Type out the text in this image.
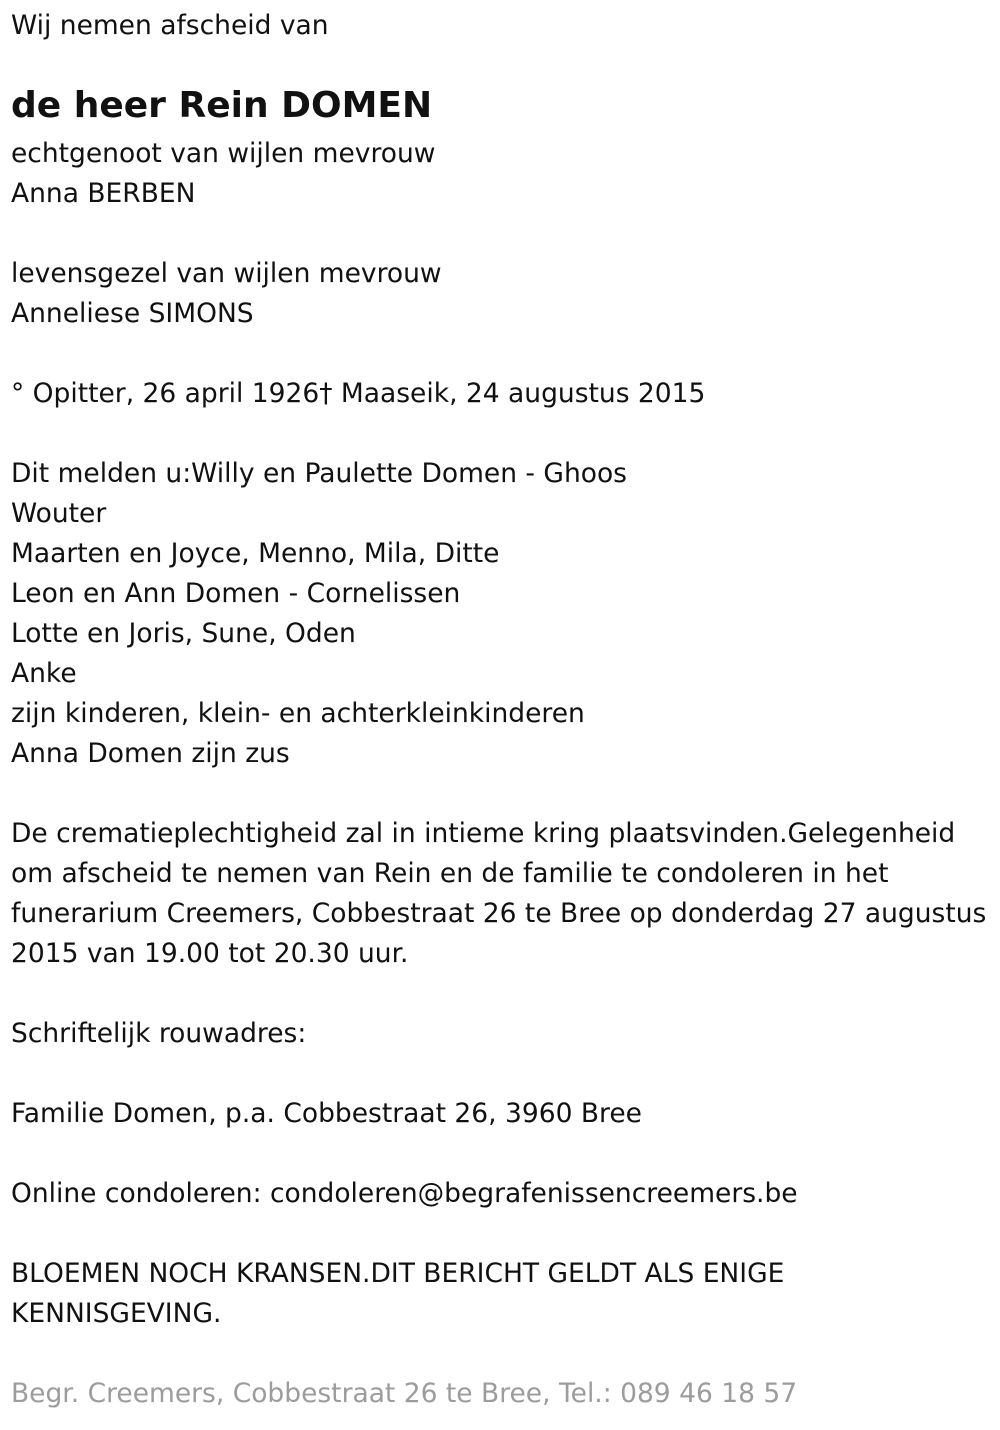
Wij nemen afscheid van
de heer Rein DOMEN
echtgenoot van wijlen mevrouw
Anna BERBEN
levensgezel van wijlen mevrouw
Anneliese SIMONS
° Opitter, 26 april 1926† Maaseik, 24 augustus 2015
Dit melden u:Willy en Paulette Domen - Ghoos
Wouter
Maarten en Joyce, Menno, Mila, Ditte
Leon en Ann Domen - Cornelissen
Lotte en Joris, Sune, Oden
Anke
zijn kinderen, klein- en achterkleinkinderen
Anna Domen zijn zus
De crematieplechtigheid zal in intieme kring plaatsvinden.Gelegenheid
om afscheid te nemen van Rein en de familie te condoleren in het
funerarium Creemers, Cobbestraat 26 te Bree op donderdag 27 augustus
2015 van 19.00 tot 20.30 uur.
Schriftelijk rouwadres:
Familie Domen, p.a. Cobbestraat 26, 3960 Bree
Online condoleren: condoleren@begrafenissencreemers.be
BLOEMEN NOCH KRANSEN.DIT BERICHT GELDT ALS ENIGE
KENNISGEVING.
Begr. Creemers, Cobbestraat 26 te Bree, Tel.: 089 46 18 57
